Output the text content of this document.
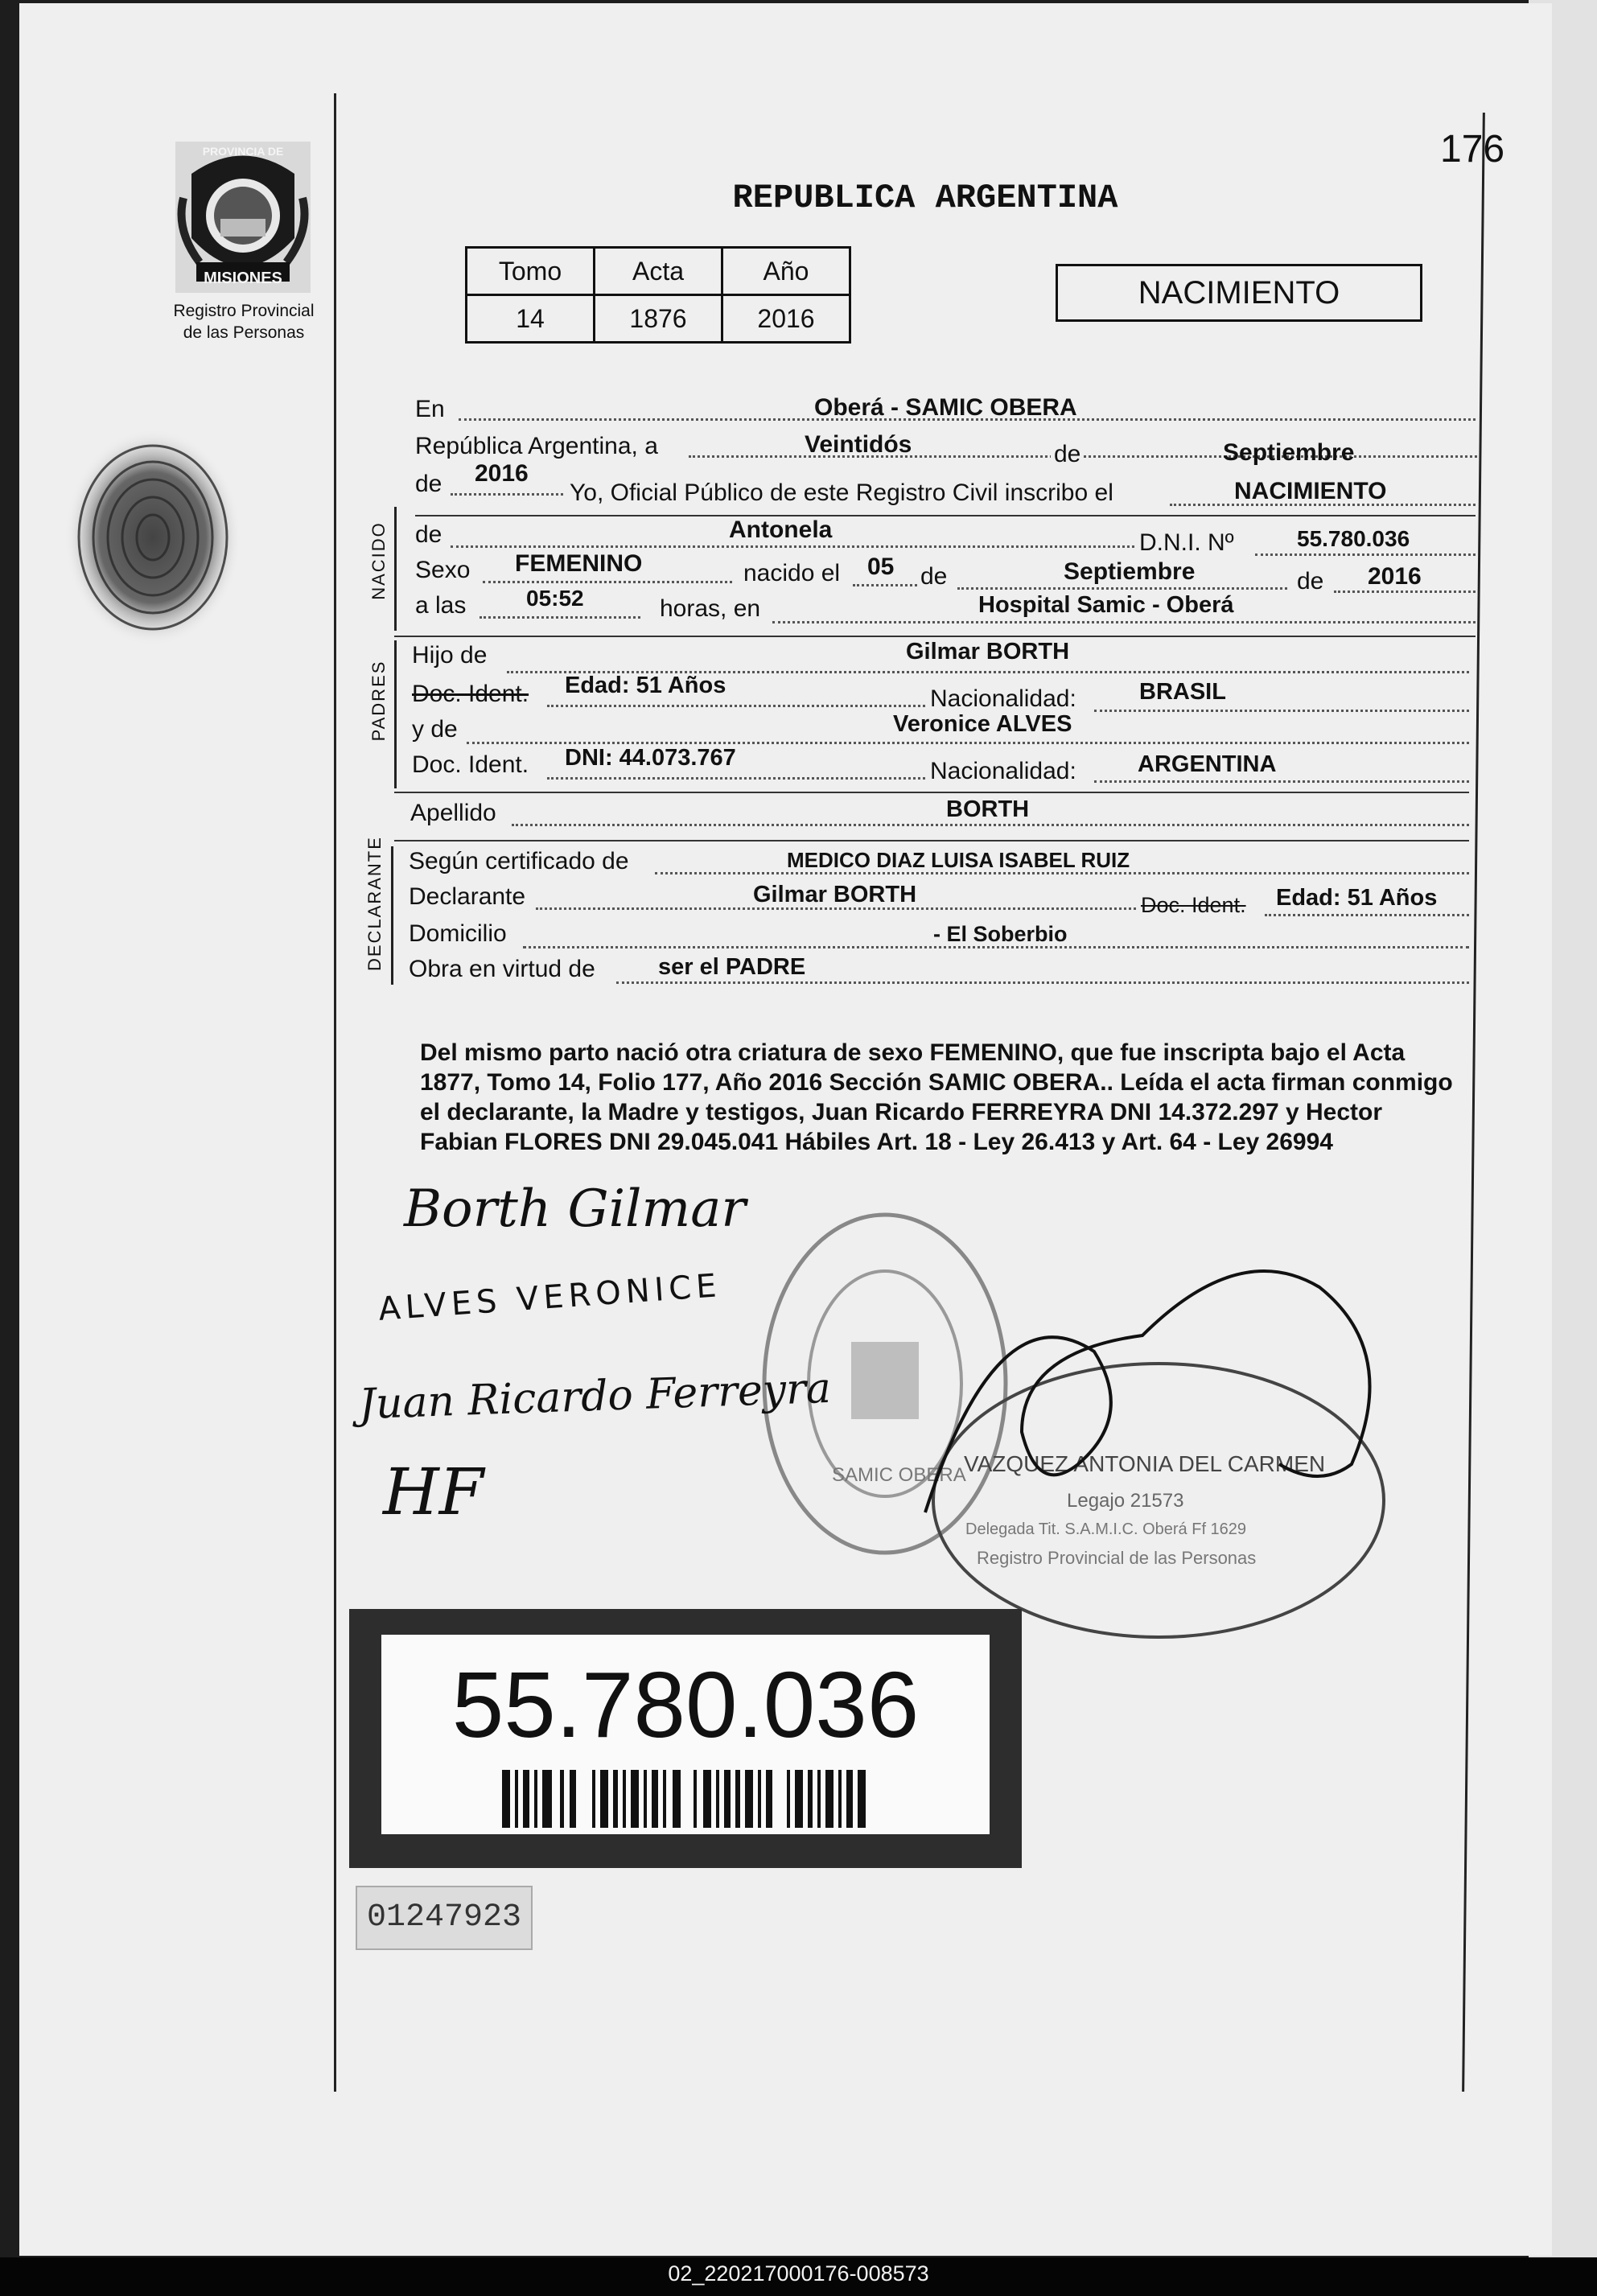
176
PROVINCIA DE
MISIONES
Registro Provincial
de las Personas
REPUBLICA ARGENTINA
Tomo	Acta	Año
14	1876	2016
NACIMIENTO
En	Oberá - SAMIC OBERA
República Argentina, a	Veintidós	de	Septiembre
de 2016
Yo, Oficial Público de este Registro Civil inscribo el	NACIMIENTO
NACIDO de	Antonela	D.N.I. Nº	55.780.036
Sexo FEMENINO	nacido el 05 de	Septiembre	de 2016
a las	05:52	horas, en	Hospital Samic - Oberá
PADRES
Hijo de	Gilmar BORTH
Doc. Ident. Edad: 51 Años	Nacionalidad:	BRASIL
y de	Veronice ALVES
Doc. Ident. DNI: 44.073.767	Nacionalidad:	ARGENTINA
Apellido	BORTH
DECLARANTE Según certificado de	MEDICO DIAZ LUISA ISABEL RUIZ
Declarante	Gilmar BORTH	Doc. Ident. Edad: 51 Años
Domicilio	- El Soberbio
Obra en virtud de	ser el PADRE
Del mismo parto nació otra criatura de sexo FEMENINO, que fue inscripta bajo el Acta 1877, Tomo 14, Folio 177, Año 2016 Sección SAMIC OBERA.. Leída el acta firman conmigo el declarante, la Madre y testigos, Juan Ricardo FERREYRA DNI 14.372.297 y Hector Fabian FLORES DNI 29.045.041 Hábiles Art. 18 - Ley 26.413 y Art. 64 - Ley 26994
SAMIC OBERA
VAZQUEZ ANTONIA DEL CARMEN
Legajo 21573
Delegada Tit. S.A.M.I.C. Oberá Ff 1629
Registro Provincial de las Personas
Borth Gilmar
ALVES VERONICE
Juan Ricardo Ferreyra
HF
55.780.036
01247923
02_220217000176-008573
